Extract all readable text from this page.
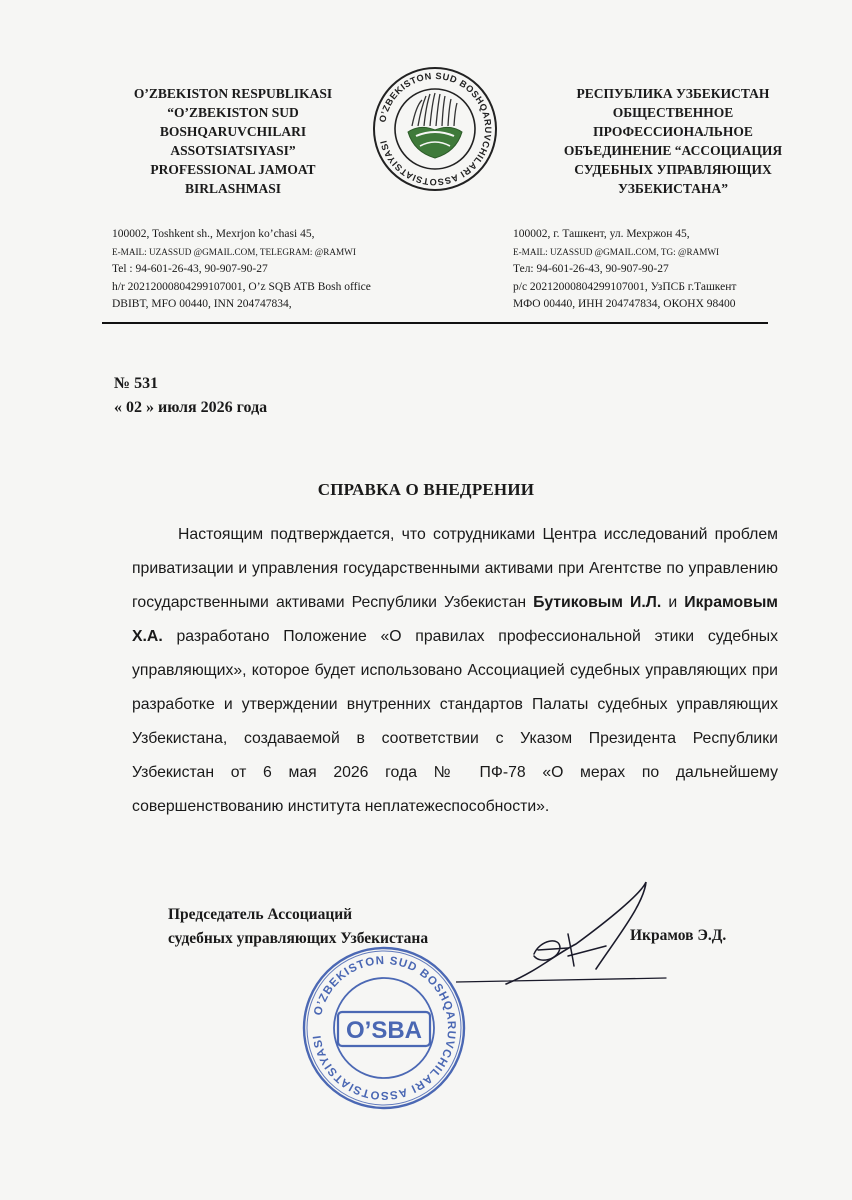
O’ZBEKISTON RESPUBLIKASI
“O’ZBEKISTON SUD
BOSHQARUVCHILARI
ASSOTSIATSIYASI”
PROFESSIONAL JAMOAT
BIRLASHMASI
O’ZBEKISTON SUD BOSHQARUVCHILARI ASSOTSIATSIYASI
РЕСПУБЛИКА УЗБЕКИСТАН
ОБЩЕСТВЕННОЕ
ПРОФЕССИОНАЛЬНОЕ
ОБЪЕДИНЕНИЕ “АССОЦИАЦИЯ
СУДЕБНЫХ УПРАВЛЯЮЩИХ
УЗБЕКИСТАНА”
100002, Toshkent sh., Mexrjon ko’chasi 45,
E-MAIL: UZASSUD @GMAIL.COM, TELEGRAM: @RAMWI
Tel : 94-601-26-43, 90-907-90-27
h/r 20212000804299107001, O’z SQB ATB Bosh office
DBIBT, MFO 00440, INN 204747834,
100002, г. Ташкент, ул. Мехржон 45,
E-MAIL: UZASSUD @GMAIL.COM, TG: @RAMWI
Тел: 94-601-26-43, 90-907-90-27
р/с 20212000804299107001, УзПСБ г.Ташкент
МФО 00440, ИНН 204747834, ОКОНХ 98400
№ 531
« 02 » июля 2026 года
СПРАВКА О ВНЕДРЕНИИ

Настоящим подтверждается, что сотрудниками Центра исследований проблем приватизации и управления государственными активами при Агентстве по управлению государственными активами Республики Узбекистан Бутиковым И.Л. и Икрамовым Х.А. разработано Положение «О правилах профессиональной этики судебных управляющих», которое будет использовано Ассоциацией судебных управляющих при разработке и утверждении внутренних стандартов Палаты судебных управляющих Узбекистана, создаваемой в соответствии с Указом Президента Республики Узбекистан от 6 мая 2026 года № ПФ-78 «О мерах по дальнейшему совершенствованию института неплатежеспособности».

Председатель Ассоциаций
судебных управляющих Узбекистана	Икрамов Э.Д.
O’ZBEKISTON SUD BOSHQARUVCHILARI ASSOTSIATSIYASI O’SBA
